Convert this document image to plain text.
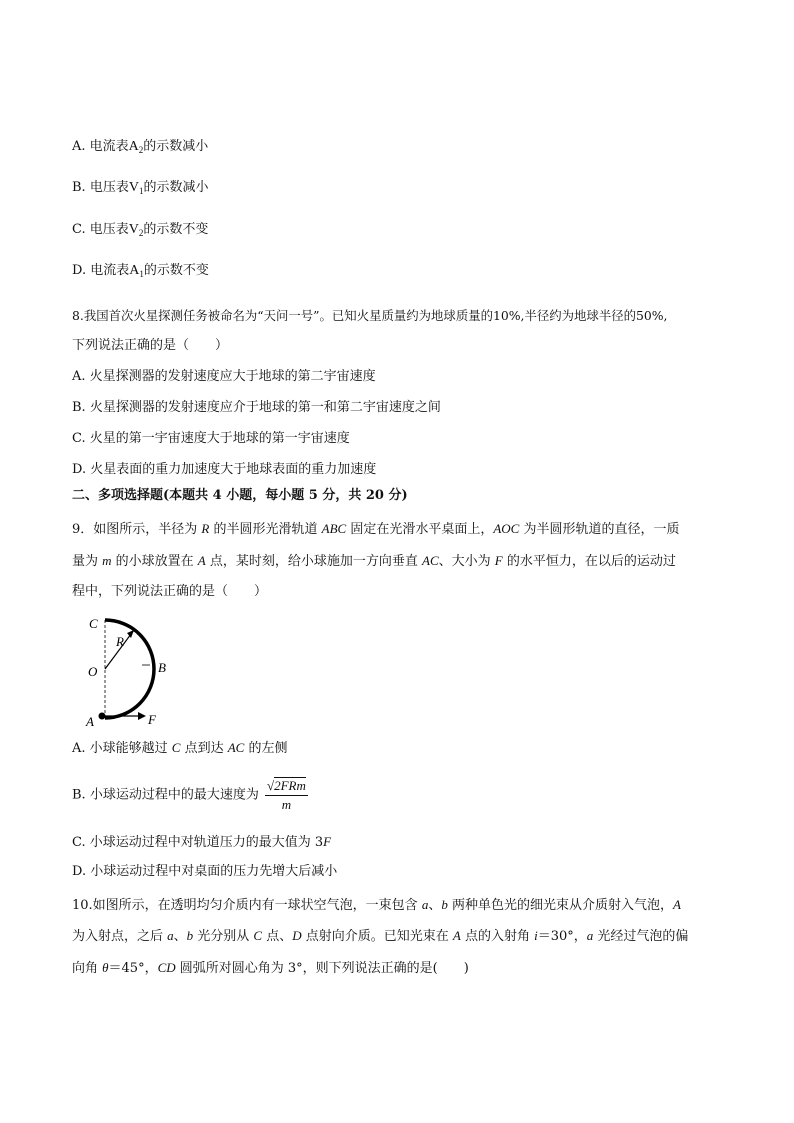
A. 电流表$A_2$的示数减小
B. 电压表$V_1$的示数减小
C. 电压表$V_2$的示数不变
D. 电流表$A_1$的示数不变
8.我国首次火星探测任务被命名为“天问一号”。已知火星质量约为地球质量的10%,半径约为地球半径的50%,
下列说法正确的是（　　）
A. 火星探测器的发射速度应大于地球的第二宇宙速度
B. 火星探测器的发射速度应介于地球的第一和第二宇宙速度之间
C. 火星的第一宇宙速度大于地球的第一宇宙速度
D. 火星表面的重力加速度大于地球表面的重力加速度
二、多项选择题(本题共 4 小题，每小题 5 分，共 20 分)
9．如图所示，半径为 R 的半圆形光滑轨道 ABC 固定在光滑水平桌面上，AOC 为半圆形轨道的直径，一质
量为 m 的小球放置在 A 点，某时刻，给小球施加一方向垂直 AC、大小为 F 的水平恒力，在以后的运动过
程中，下列说法正确的是（　　）
C
R
O	B
A	F
A. 小球能够越过 C 点到达 AC 的左侧
B. 小球运动过程中的最大速度为 $\frac{\text{√2FRm}}{m}$
C. 小球运动过程中对轨道压力的最大值为 3F
D. 小球运动过程中对桌面的压力先增大后减小
10.如图所示，在透明均匀介质内有一球状空气泡，一束包含 a、b 两种单色光的细光束从介质射入气泡，A
为入射点，之后 a、b 光分别从 C 点、D 点射向介质。已知光束在 A 点的入射角 i＝30°，a 光经过气泡的偏
向角 θ＝45°，CD 圆弧所对圆心角为 3°，则下列说法正确的是(　　)
